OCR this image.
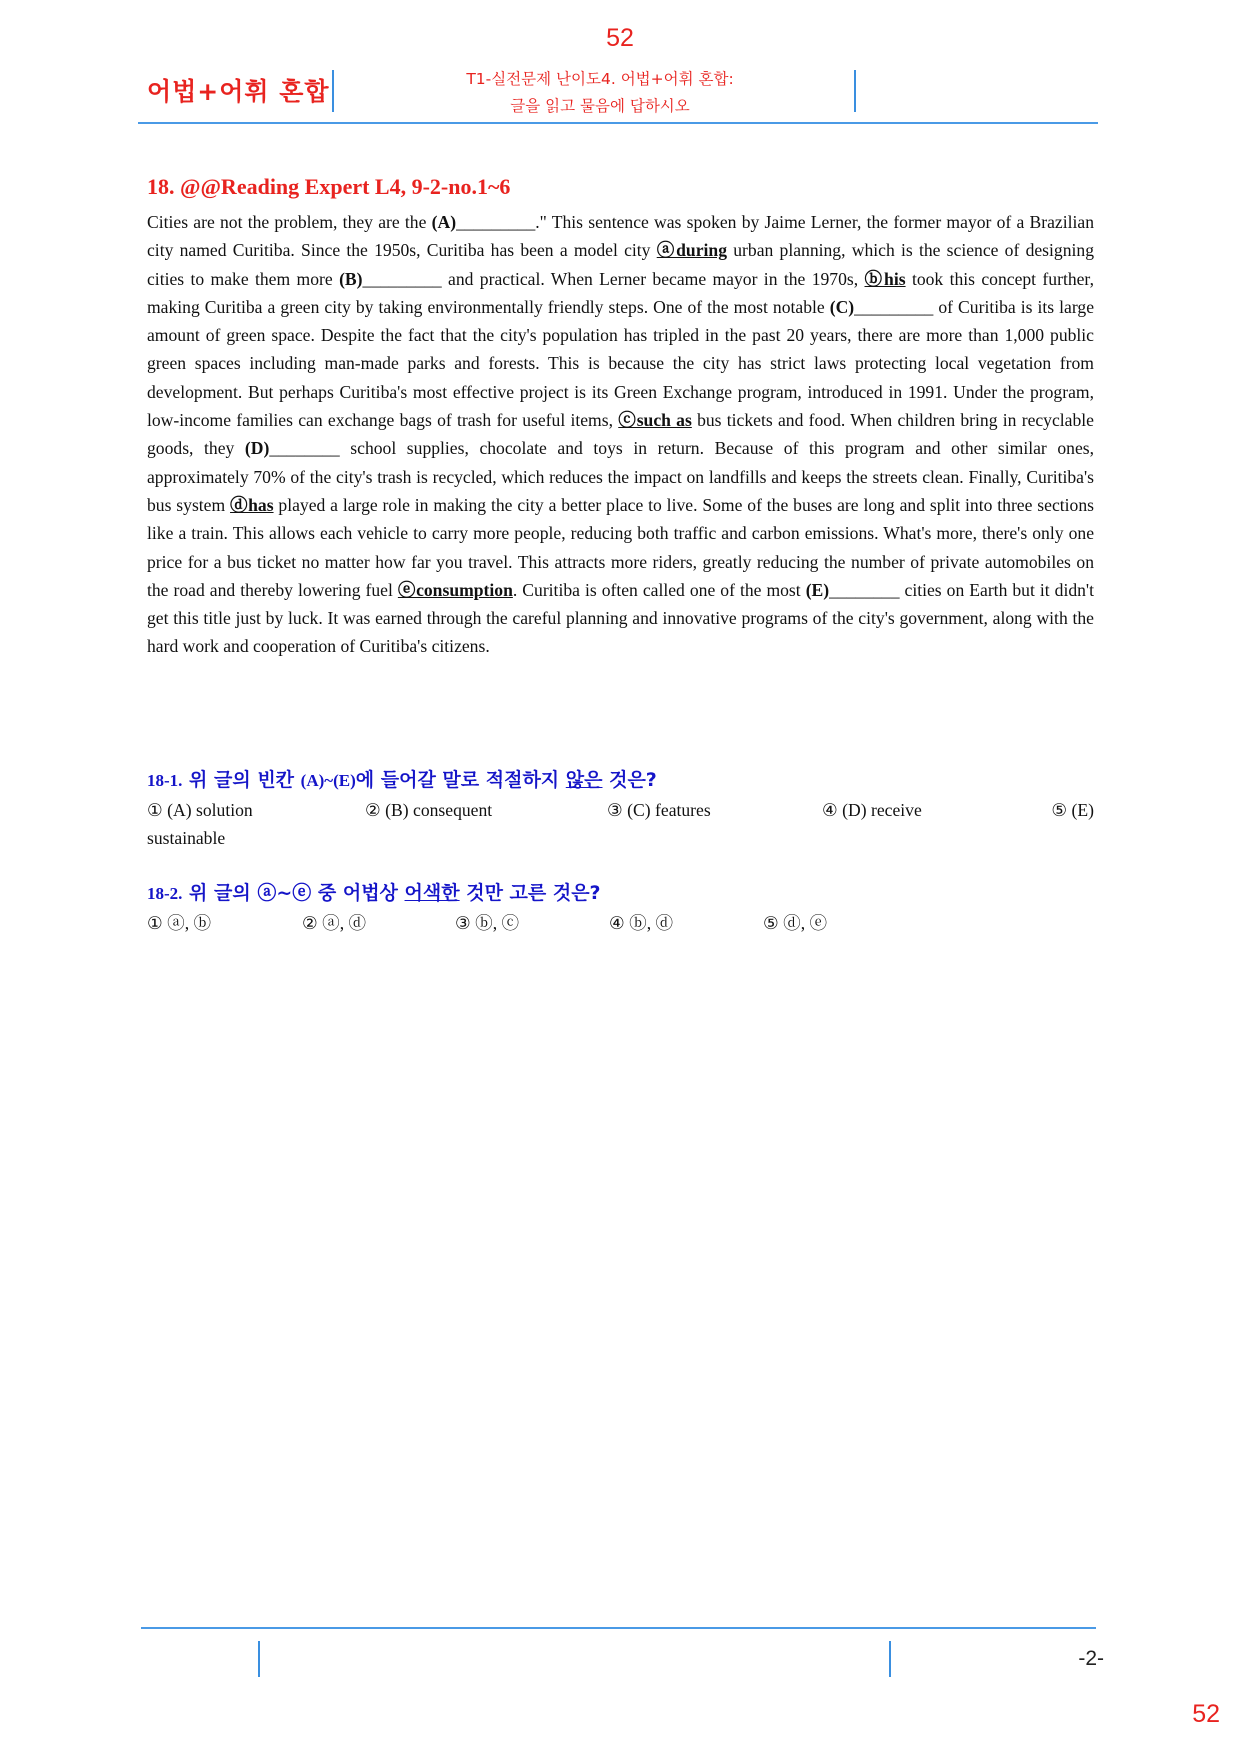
52
어법+어휘 혼합	T1-실전문제 난이도4. 어법+어휘 혼합:
글을 읽고 물음에 답하시오
18. @@Reading Expert L4, 9-2-no.1~6
Cities are not the problem, they are the (A)_________." This sentence was spoken by Jaime Lerner, the former mayor of a Brazilian city named Curitiba. Since the 1950s, Curitiba has been a model city ⓐduring urban planning, which is the science of designing cities to make them more (B)_________ and practical. When Lerner became mayor in the 1970s, ⓑhis took this concept further, making Curitiba a green city by taking environmentally friendly steps. One of the most notable (C)_________ of Curitiba is its large amount of green space. Despite the fact that the city's population has tripled in the past 20 years, there are more than 1,000 public green spaces including man-made parks and forests. This is because the city has strict laws protecting local vegetation from development. But perhaps Curitiba's most effective project is its Green Exchange program, introduced in 1991. Under the program, low-income families can exchange bags of trash for useful items, ⓒsuch as bus tickets and food. When children bring in recyclable goods, they (D)________ school supplies, chocolate and toys in return. Because of this program and other similar ones, approximately 70% of the city's trash is recycled, which reduces the impact on landfills and keeps the streets clean. Finally, Curitiba's bus system ⓓhas played a large role in making the city a better place to live. Some of the buses are long and split into three sections like a train. This allows each vehicle to carry more people, reducing both traffic and carbon emissions. What's more, there's only one price for a bus ticket no matter how far you travel. This attracts more riders, greatly reducing the number of private automobiles on the road and thereby lowering fuel ⓔconsumption. Curitiba is often called one of the most (E)________ cities on Earth but it didn't get this title just by luck. It was earned through the careful planning and innovative programs of the city's government, along with the hard work and cooperation of Curitiba's citizens.
18-1. 위 글의 빈칸 (A)~(E)에 들어갈 말로 적절하지 않은 것은?
① (A) solution	② (B) consequent	③ (C) features	④ (D) receive	⑤ (E)
sustainable
18-2. 위 글의 ⓐ~ⓔ 중 어법상 어색한 것만 고른 것은?
① ⓐ, ⓑ	② ⓐ, ⓓ	③ ⓑ, ⓒ	④ ⓑ, ⓓ	⑤ ⓓ, ⓔ
-2-
52
